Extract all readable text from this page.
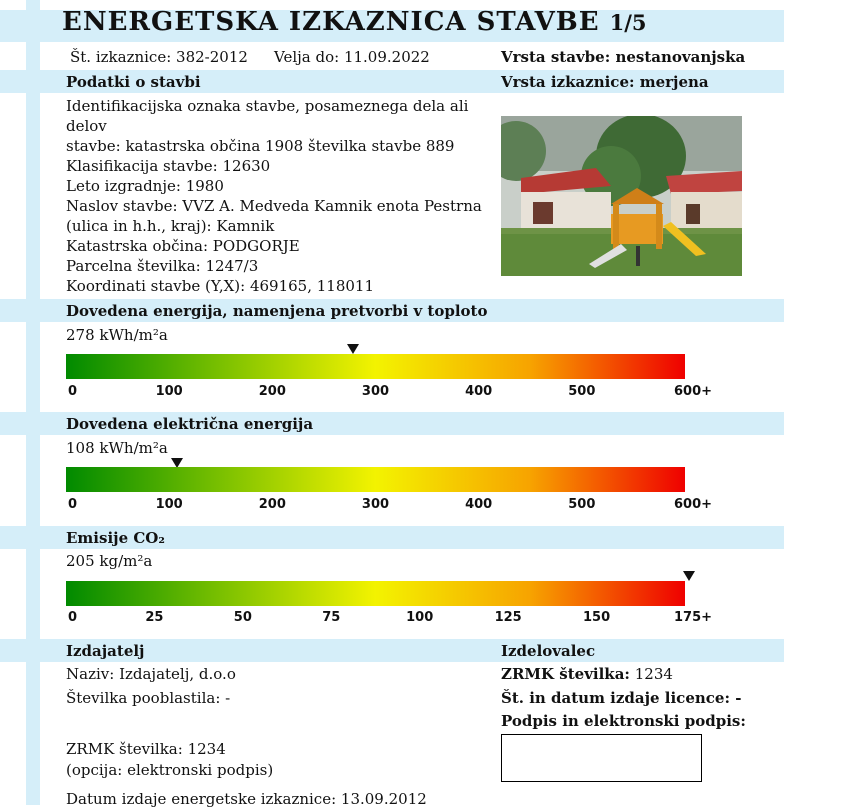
ENERGETSKA IZKAZNICA STAVBE 1/5
Št. izkaznice: 382-2012 Velja do: 11.09.2022	Vrsta stavbe: nestanovanjska
Podatki o stavbi	Vrsta izkaznice: merjena
Identifikacijska oznaka stavbe, posameznega dela ali
delov
stavbe: katastrska občina 1908 številka stavbe 889
Klasifikacija stavbe: 12630
Leto izgradnje: 1980
Naslov stavbe: VVZ A. Medveda Kamnik enota Pestrna
(ulica in h.h., kraj): Kamnik
Katastrska občina: PODGORJE
Parcelna številka: 1247/3
Koordinati stavbe (Y,X): 469165, 118011
Dovedena energija, namenjena pretvorbi v toploto
278 kWh/m²a
0	100	200	300	400	500	600+
Dovedena električna energija
108 kWh/m²a
0	100	200	300	400	500	600+
Emisije CO₂
205 kg/m²a
0	25	50	75	100	125	150	175+
Izdajatelj	Izdelovalec
Naziv: Izdajatelj, d.o.o
Številka pooblastila: -
ZRMK številka: 1234
(opcija: elektronski podpis)
Datum izdaje energetske izkaznice: 13.09.2012
ZRMK številka: 1234
Št. in datum izdaje licence: -
Podpis in elektronski podpis:
